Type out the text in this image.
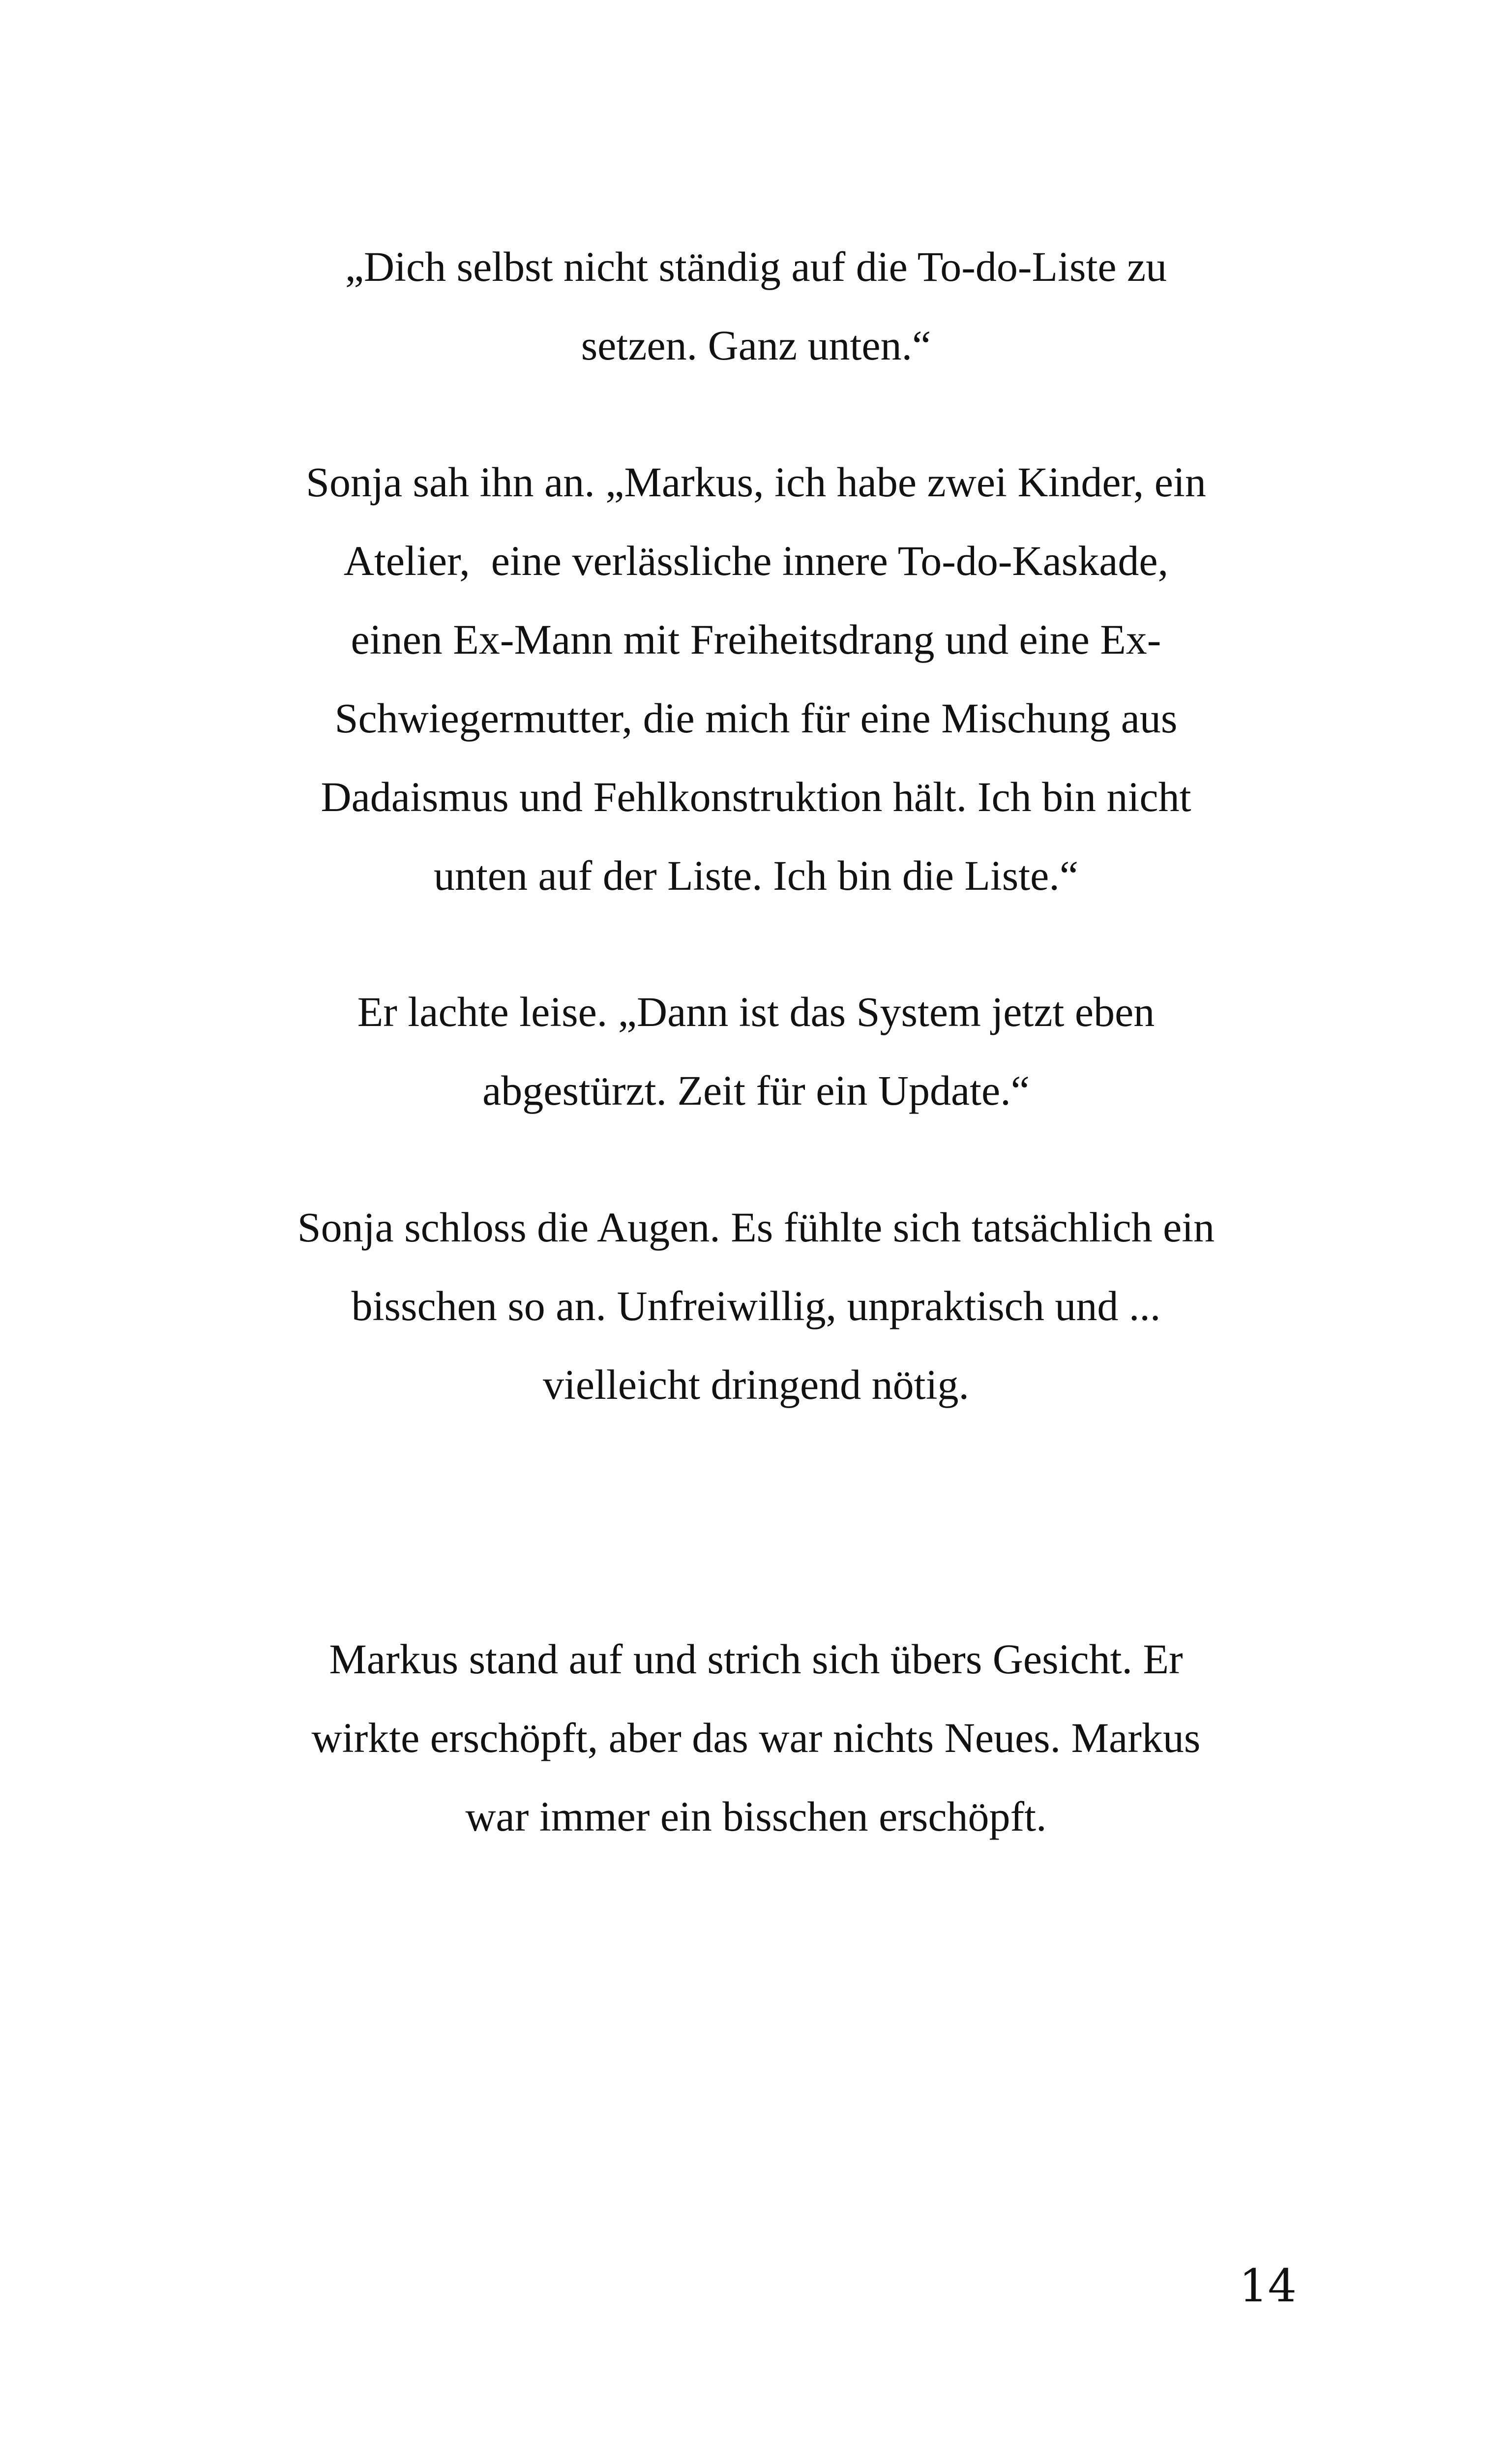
„Dich selbst nicht ständig auf die To-do-Liste zu
setzen. Ganz unten.“

Sonja sah ihn an. „Markus, ich habe zwei Kinder, ein
Atelier,  eine verlässliche innere To-do-Kaskade,
einen Ex-Mann mit Freiheitsdrang und eine Ex-
Schwiegermutter, die mich für eine Mischung aus
Dadaismus und Fehlkonstruktion hält. Ich bin nicht
unten auf der Liste. Ich bin die Liste.“

Er lachte leise. „Dann ist das System jetzt eben
abgestürzt. Zeit für ein Update.“

Sonja schloss die Augen. Es fühlte sich tatsächlich ein
bisschen so an. Unfreiwillig, unpraktisch und ...
vielleicht dringend nötig.

Markus stand auf und strich sich übers Gesicht. Er
wirkte erschöpft, aber das war nichts Neues. Markus
war immer ein bisschen erschöpft.

14
